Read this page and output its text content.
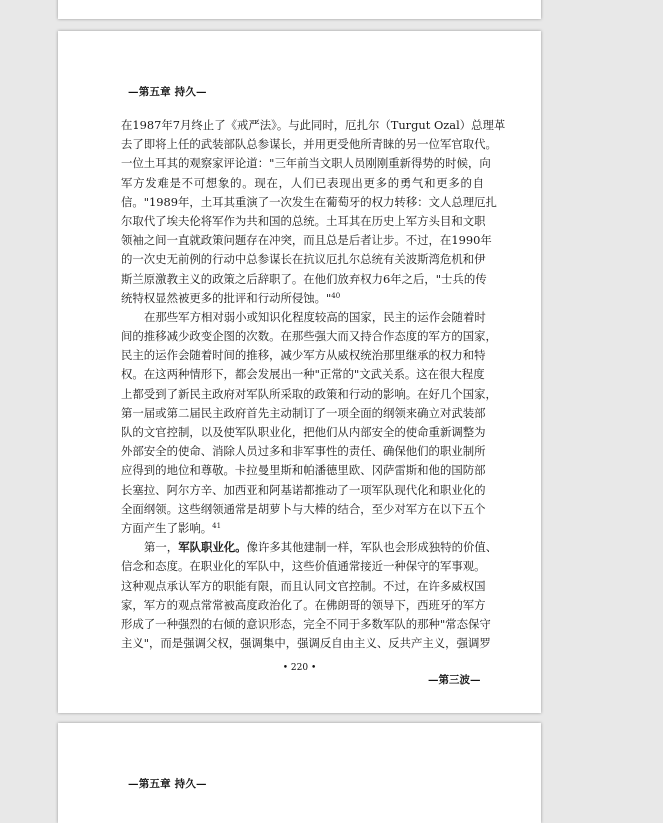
—第五章 持久—
在1987年7月终止了《戒严法》。与此同时，厄扎尔（Turgut Ozal）总理革
去了即将上任的武装部队总参谋长，并用更受他所青睐的另一位军官取代。
一位土耳其的观察家评论道："三年前当文职人员刚刚重新得势的时候，向
军方发难是不可想象的。现在，人们已表现出更多的勇气和更多的自
信。"1989年，土耳其重演了一次发生在葡萄牙的权力转移：文人总理厄扎
尔取代了埃夫伦将军作为共和国的总统。土耳其在历史上军方头目和文职
领袖之间一直就政策问题存在冲突，而且总是后者让步。不过，在1990年
的一次史无前例的行动中总参谋长在抗议厄扎尔总统有关波斯湾危机和伊
斯兰原激教主义的政策之后辞职了。在他们放弃权力6年之后，"士兵的传
统特权显然被更多的批评和行动所侵蚀。"$^{40}$
在那些军方相对弱小或知识化程度较高的国家，民主的运作会随着时
间的推移减少政变企图的次数。在那些强大而又持合作态度的军方的国家，
民主的运作会随着时间的推移，减少军方从威权统治那里继承的权力和特
权。在这两种情形下，都会发展出一种"正常的"文武关系。这在很大程度
上都受到了新民主政府对军队所采取的政策和行动的影响。在好几个国家，
第一届或第二届民主政府首先主动制订了一项全面的纲领来确立对武装部
队的文官控制，以及使军队职业化，把他们从内部安全的使命重新调整为
外部安全的使命、消除人员过多和非军事性的责任、确保他们的职业制所
应得到的地位和尊敬。卡拉曼里斯和帕潘德里欧、冈萨雷斯和他的国防部
长塞拉、阿尔方辛、加西亚和阿基诺都推动了一项军队现代化和职业化的
全面纲领。这些纲领通常是胡萝卜与大棒的结合，至少对军方在以下五个
方面产生了影响。$^{41}$
第一，军队职业化。像许多其他建制一样，军队也会形成独特的价值、
信念和态度。在职业化的军队中，这些价值通常接近一种保守的军事观。
这种观点承认军方的职能有限，而且认同文官控制。不过，在许多威权国
家，军方的观点常常被高度政治化了。在佛朗哥的领导下，西班牙的军方
形成了一种强烈的右倾的意识形态，完全不同于多数军队的那种"常态保守
主义"，而是强调父权，强调集中，强调反自由主义、反共产主义，强调罗
• 220 •
—第三波—
—第五章 持久—
